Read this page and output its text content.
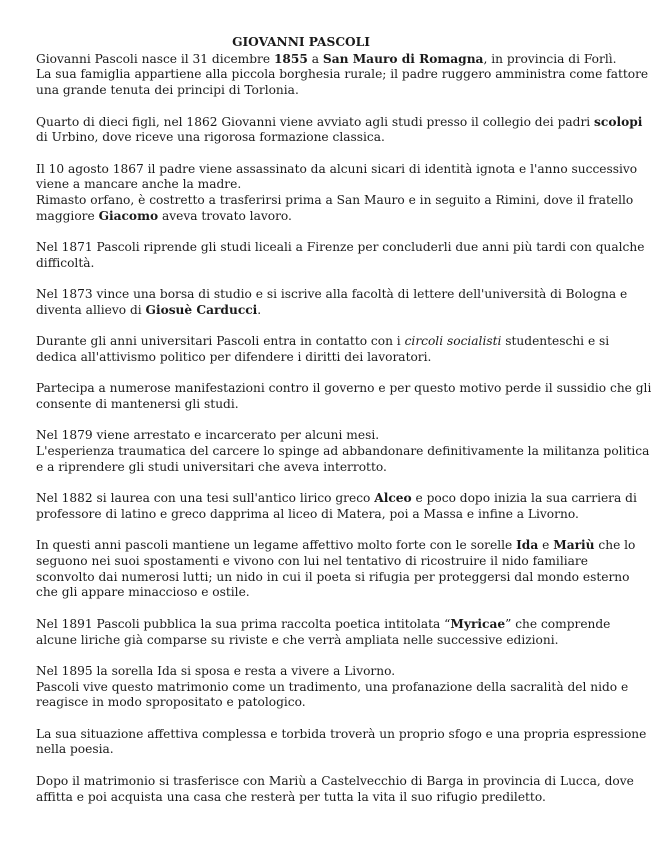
GIOVANNI PASCOLI
Giovanni Pascoli nasce il 31 dicembre 1855 a San Mauro di Romagna, in provincia di Forlì.
La sua famiglia appartiene alla piccola borghesia rurale; il padre ruggero amministra come fattore
una grande tenuta dei principi di Torlonia.
Quarto di dieci figli, nel 1862 Giovanni viene avviato agli studi presso il collegio dei padri scolopi
di Urbino, dove riceve una rigorosa formazione classica.
Il 10 agosto 1867 il padre viene assassinato da alcuni sicari di identità ignota e l'anno successivo
viene a mancare anche la madre.
Rimasto orfano, è costretto a trasferirsi prima a San Mauro e in seguito a Rimini, dove il fratello
maggiore Giacomo aveva trovato lavoro.
Nel 1871 Pascoli riprende gli studi liceali a Firenze per concluderli due anni più tardi con qualche
difficoltà.
Nel 1873 vince una borsa di studio e si iscrive alla facoltà di lettere dell'università di Bologna e
diventa allievo di Giosuè Carducci.
Durante gli anni universitari Pascoli entra in contatto con i circoli socialisti studenteschi e si
dedica all'attivismo politico per difendere i diritti dei lavoratori.
Partecipa a numerose manifestazioni contro il governo e per questo motivo perde il sussidio che gli
consente di mantenersi gli studi.
Nel 1879 viene arrestato e incarcerato per alcuni mesi.
L'esperienza traumatica del carcere lo spinge ad abbandonare definitivamente la militanza politica
e a riprendere gli studi universitari che aveva interrotto.
Nel 1882 si laurea con una tesi sull'antico lirico greco Alceo e poco dopo inizia la sua carriera di
professore di latino e greco dapprima al liceo di Matera, poi a Massa e infine a Livorno.
In questi anni pascoli mantiene un legame affettivo molto forte con le sorelle Ida e Mariù che lo
seguono nei suoi spostamenti e vivono con lui nel tentativo di ricostruire il nido familiare
sconvolto dai numerosi lutti; un nido in cui il poeta si rifugia per proteggersi dal mondo esterno
che gli appare minaccioso e ostile.
Nel 1891 Pascoli pubblica la sua prima raccolta poetica intitolata “Myricae” che comprende
alcune liriche già comparse su riviste e che verrà ampliata nelle successive edizioni.
Nel 1895 la sorella Ida si sposa e resta a vivere a Livorno.
Pascoli vive questo matrimonio come un tradimento, una profanazione della sacralità del nido e
reagisce in modo spropositato e patologico.
La sua situazione affettiva complessa e torbida troverà un proprio sfogo e una propria espressione
nella poesia.
Dopo il matrimonio si trasferisce con Mariù a Castelvecchio di Barga in provincia di Lucca, dove
affitta e poi acquista una casa che resterà per tutta la vita il suo rifugio prediletto.
